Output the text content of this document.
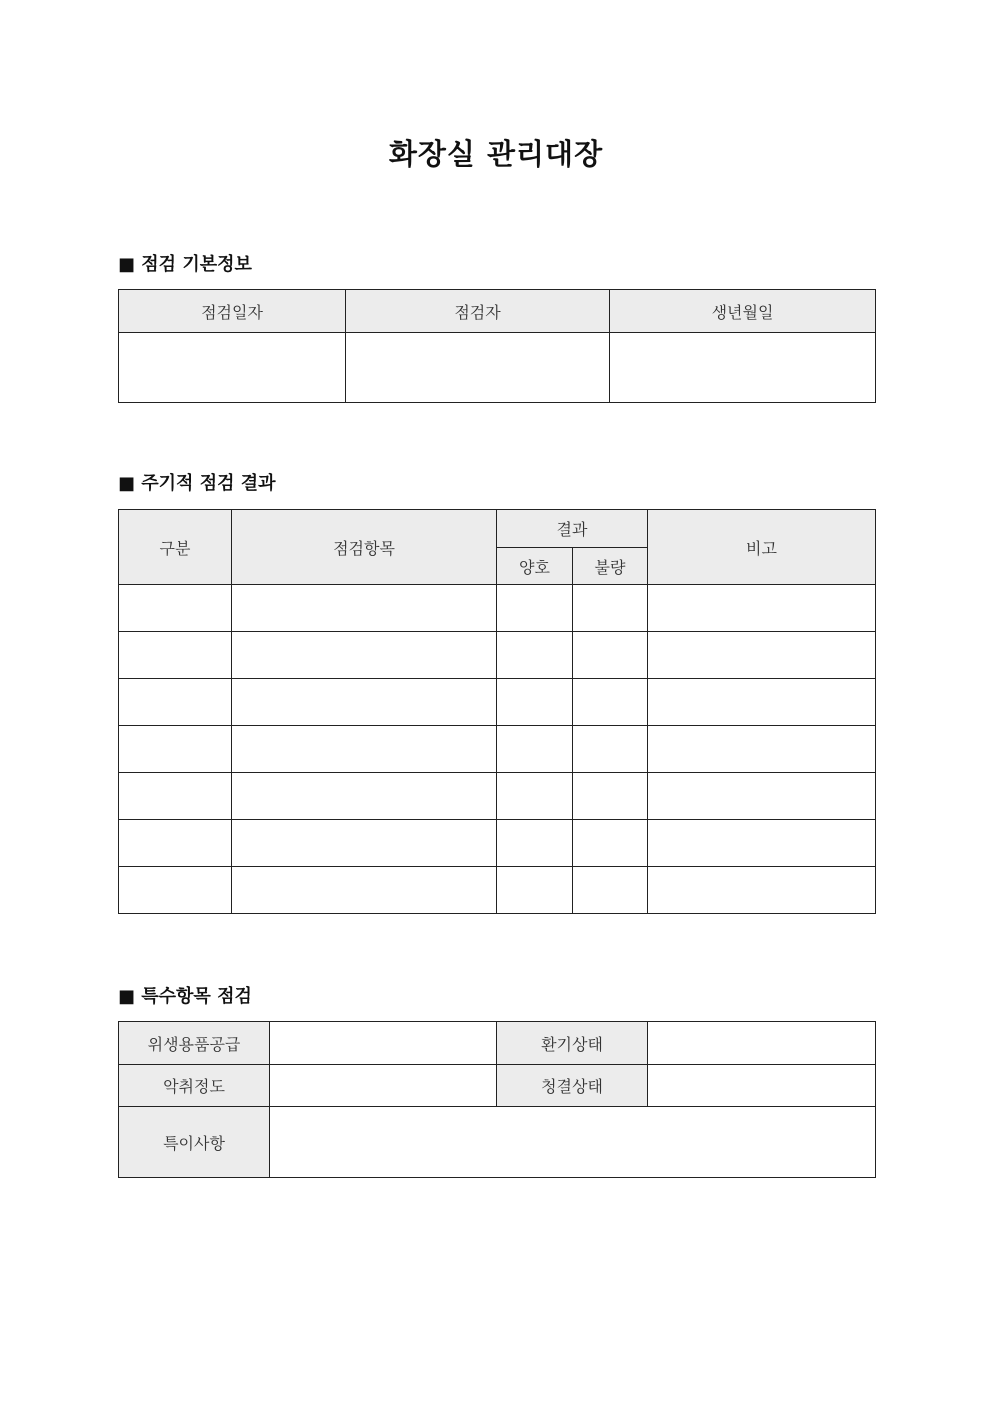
화장실 관리대장
■ 점검 기본정보
점검일자	점검자	생년월일

■ 주기적 점검 결과
구분	점검항목	결과		비고
		양호	불량	

■ 특수항목 점검
위생용품공급		환기상태	
악취정도		청결상태	
특이사항			
